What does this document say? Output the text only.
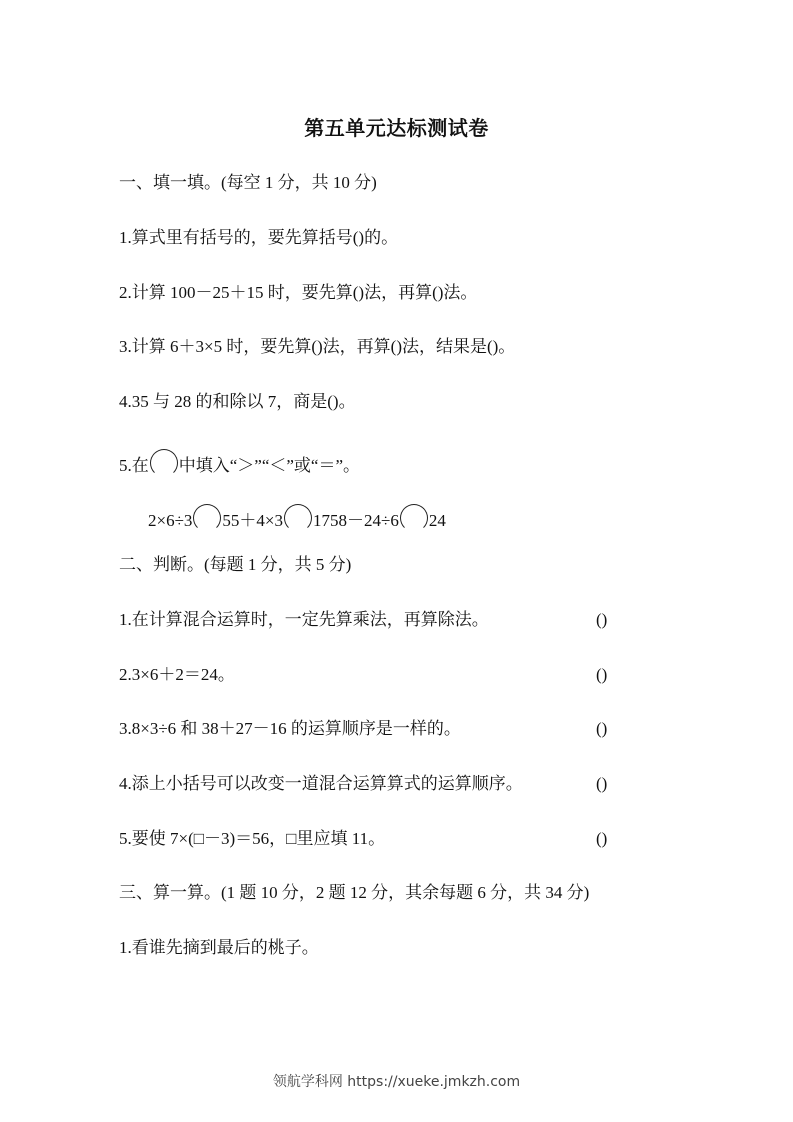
第五单元达标测试卷
一、填一填。(每空 1 分，共 10 分)
1.算式里有括号的，要先算括号()的。
2.计算 100－25＋15 时，要先算()法，再算()法。
3.计算 6＋3×5 时，要先算()法，再算()法，结果是()。
4.35 与 28 的和除以 7，商是()。
5.在 中填入“＞”“＜”或“＝”。
2×6÷3 55＋4×3 1758－24÷6 24
二、判断。(每题 1 分，共 5 分)
1.在计算混合运算时，一定先算乘法，再算除法。	()
2.3×6＋2＝24。	()
3.8×3÷6 和 38＋27－16 的运算顺序是一样的。	()
4.添上小括号可以改变一道混合运算算式的运算顺序。	()
5.要使 7×(□－3)＝56，□里应填 11。	()
三、算一算。(1 题 10 分，2 题 12 分，其余每题 6 分，共 34 分)
1.看谁先摘到最后的桃子。
领航学科网 https://xueke.jmkzh.com
